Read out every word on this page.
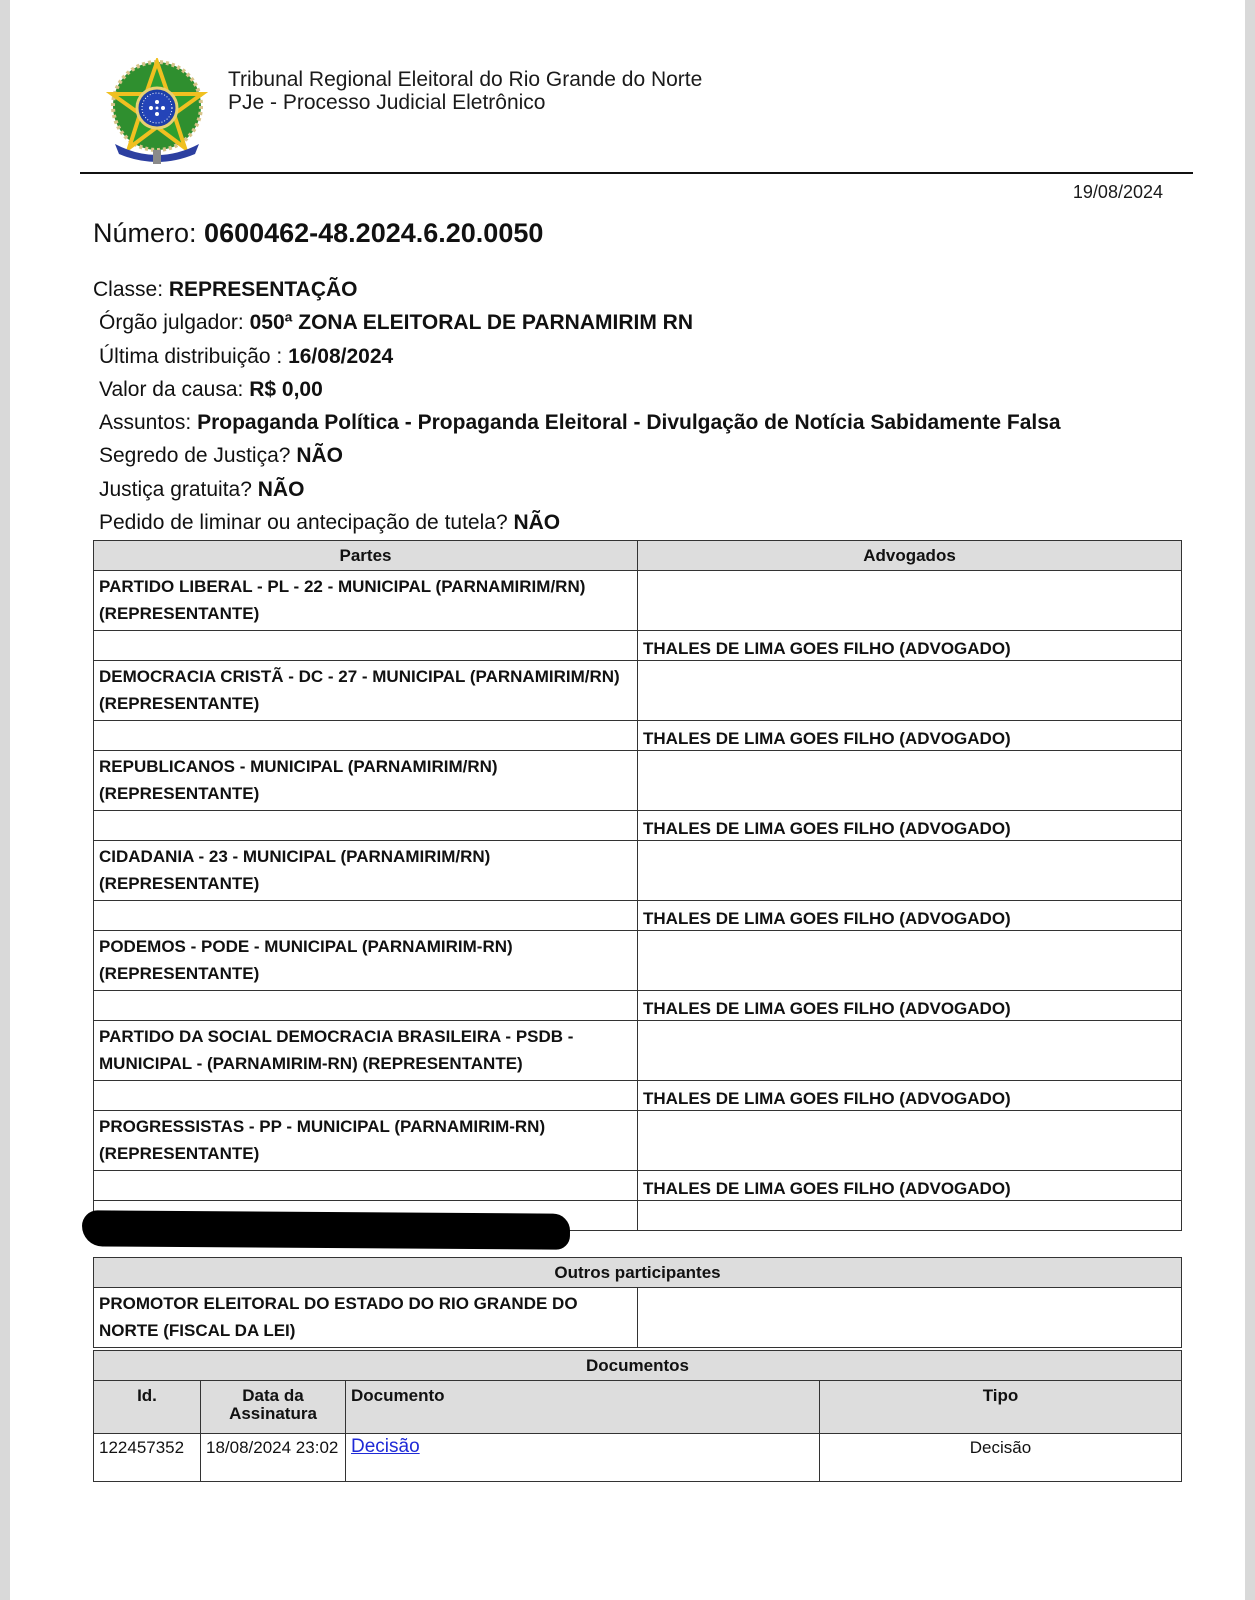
Tribunal Regional Eleitoral do Rio Grande do Norte
PJe - Processo Judicial Eletrônico
19/08/2024
Número: 0600462-48.2024.6.20.0050
Classe: REPRESENTAÇÃO
Órgão julgador: 050ª ZONA ELEITORAL DE PARNAMIRIM RN
Última distribuição : 16/08/2024
Valor da causa: R$ 0,00
Assuntos: Propaganda Política - Propaganda Eleitoral - Divulgação de Notícia Sabidamente Falsa
Segredo de Justiça? NÃO
Justiça gratuita? NÃO
Pedido de liminar ou antecipação de tutela? NÃO
Partes	Advogados
PARTIDO LIBERAL - PL - 22 - MUNICIPAL (PARNAMIRIM/RN) (REPRESENTANTE)	
	THALES DE LIMA GOES FILHO (ADVOGADO)
DEMOCRACIA CRISTÃ - DC - 27 - MUNICIPAL (PARNAMIRIM/RN) (REPRESENTANTE)	
	THALES DE LIMA GOES FILHO (ADVOGADO)
REPUBLICANOS - MUNICIPAL (PARNAMIRIM/RN) (REPRESENTANTE)	
	THALES DE LIMA GOES FILHO (ADVOGADO)
CIDADANIA - 23 - MUNICIPAL (PARNAMIRIM/RN) (REPRESENTANTE)	
	THALES DE LIMA GOES FILHO (ADVOGADO)
PODEMOS - PODE - MUNICIPAL (PARNAMIRIM-RN) (REPRESENTANTE)	
	THALES DE LIMA GOES FILHO (ADVOGADO)
PARTIDO DA SOCIAL DEMOCRACIA BRASILEIRA - PSDB - MUNICIPAL - (PARNAMIRIM-RN) (REPRESENTANTE)	
	THALES DE LIMA GOES FILHO (ADVOGADO)
PROGRESSISTAS - PP - MUNICIPAL (PARNAMIRIM-RN) (REPRESENTANTE)	
	THALES DE LIMA GOES FILHO (ADVOGADO)

Outros participantes
PROMOTOR ELEITORAL DO ESTADO DO RIO GRANDE DO NORTE (FISCAL DA LEI)	
Documentos			
Id.	Data da Assinatura	Documento	Tipo
122457352	18/08/2024 23:02	Decisão	Decisão
